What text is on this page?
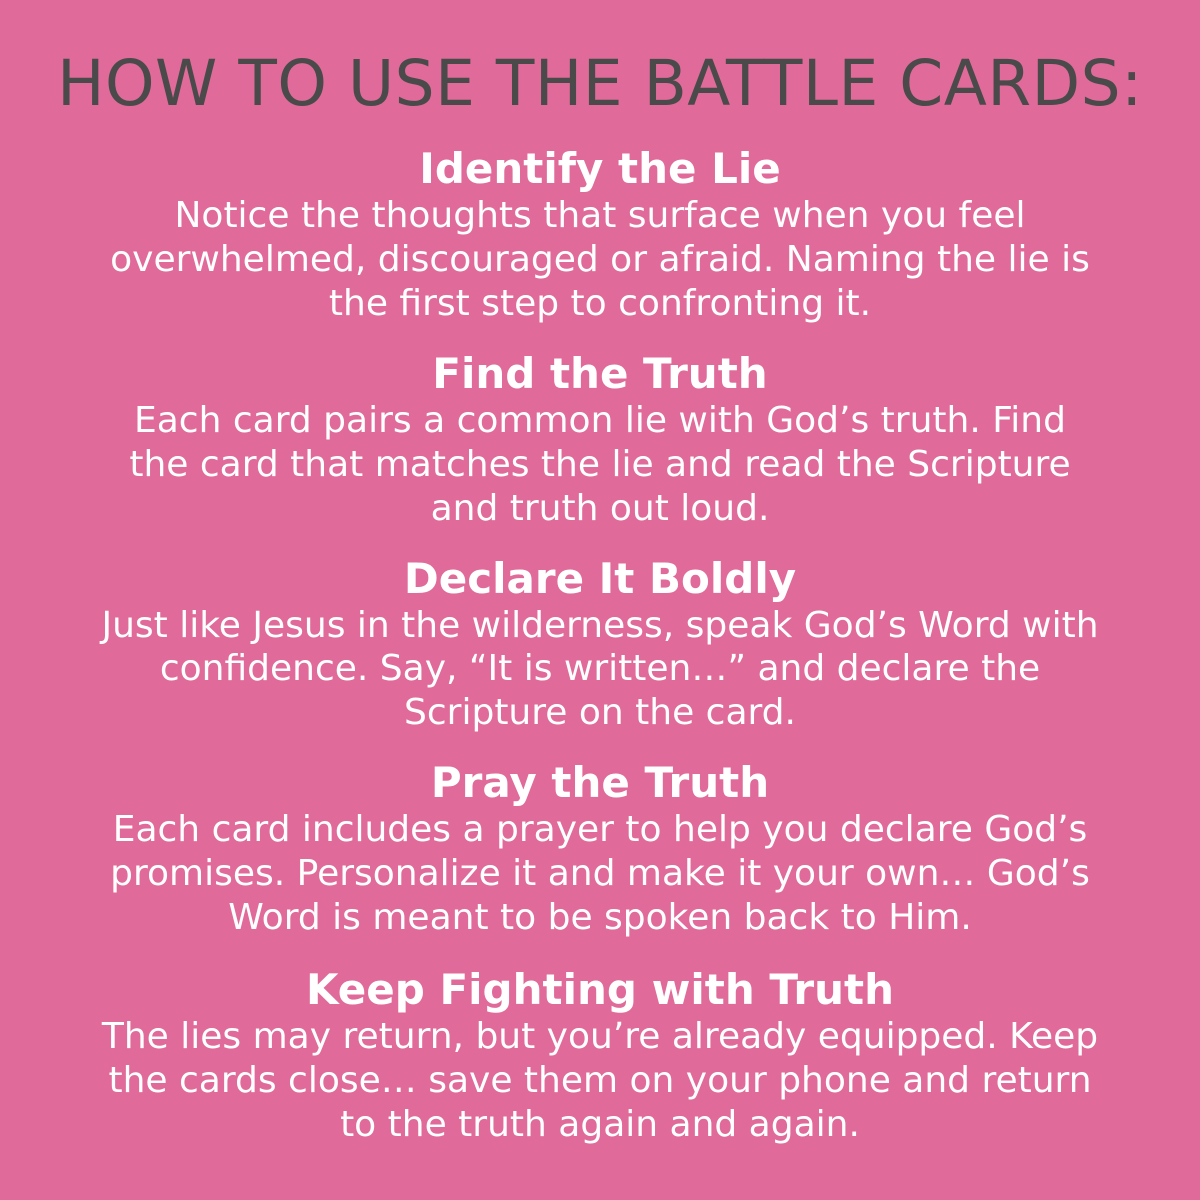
HOW TO USE THE BATTLE CARDS:
Identify the Lie
Notice the thoughts that surface when you feel overwhelmed, discouraged or afraid. Naming the lie is the first step to confronting it.
Find the Truth
Each card pairs a common lie with God’s truth. Find the card that matches the lie and read the Scripture and truth out loud.
Declare It Boldly
Just like Jesus in the wilderness, speak God’s Word with confidence. Say, “It is written…” and declare the Scripture on the card.
Pray the Truth
Each card includes a prayer to help you declare God’s promises. Personalize it and make it your own… God’s Word is meant to be spoken back to Him.
Keep Fighting with Truth
The lies may return, but you’re already equipped. Keep the cards close… save them on your phone and return to the truth again and again.
